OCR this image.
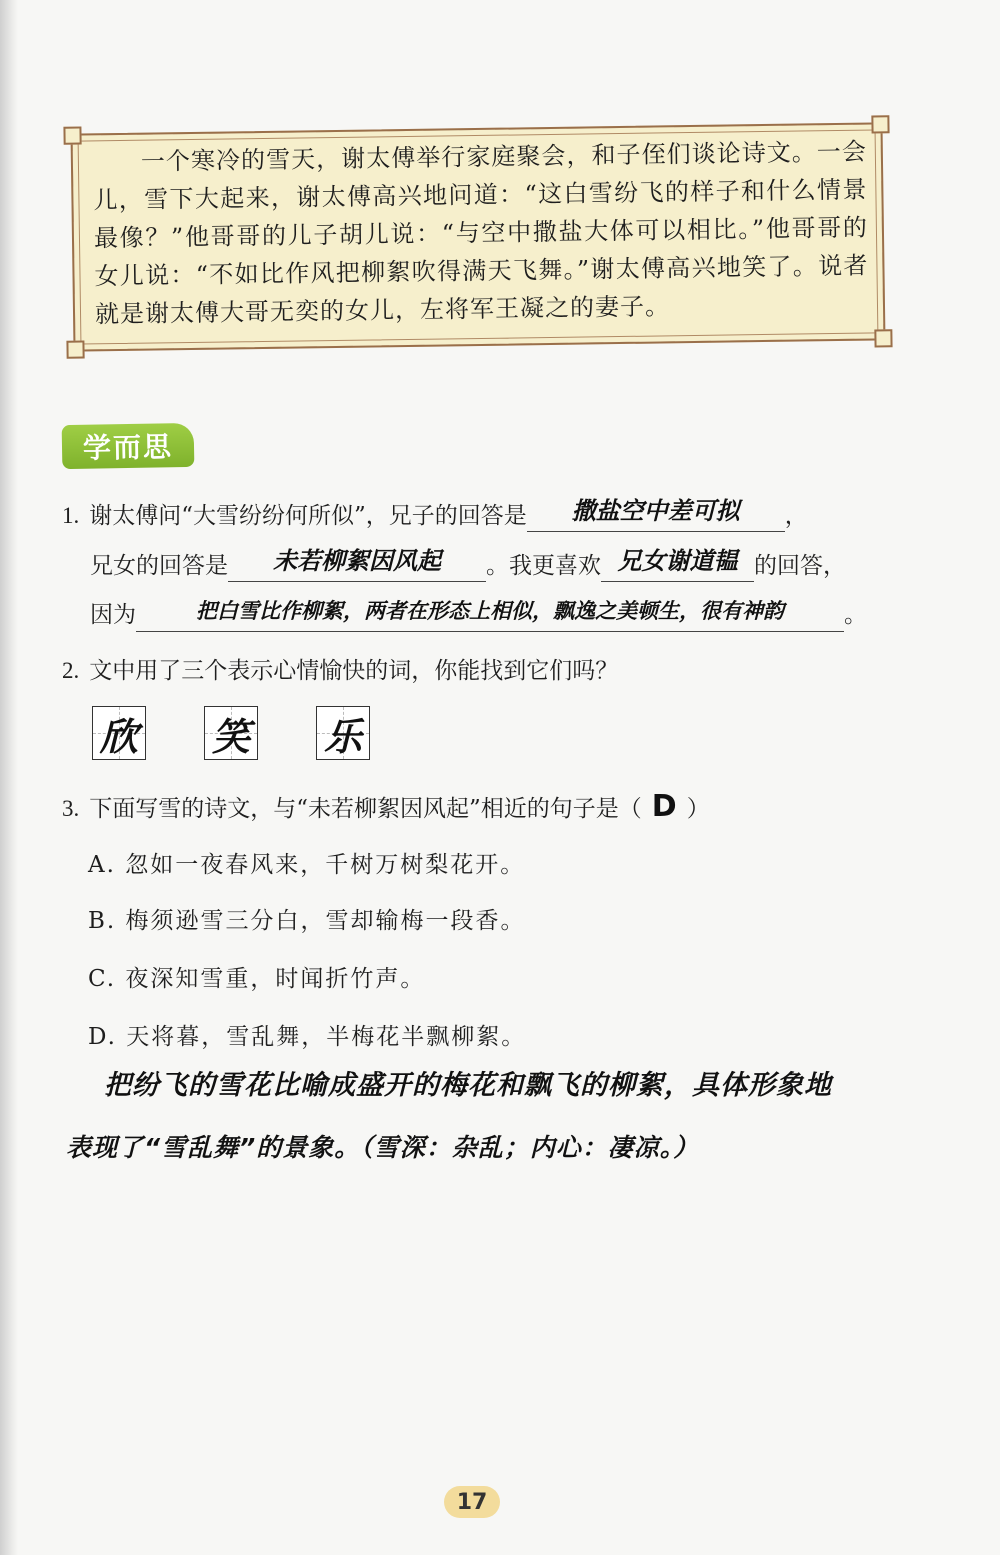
一个寒冷的雪天，谢太傅举行家庭聚会，和子侄们谈论诗文。一会儿，雪下大起来，谢太傅高兴地问道：“这白雪纷飞的样子和什么情景最像？”他哥哥的儿子胡儿说：“与空中撒盐大体可以相比。”他哥哥的女儿说：“不如比作风把柳絮吹得满天飞舞。”谢太傅高兴地笑了。说者就是谢太傅大哥无奕的女儿，左将军王凝之的妻子。
学而思
1. 谢太傅问“大雪纷纷何所似”，兄子的回答是 撒盐空中差可拟 ，
兄女的回答是 未若柳絮因风起 。我更喜欢 兄女谢道韫 的回答，
因为	把白雪比作柳絮，两者在形态上相似，飘逸之美顿生，很有神韵	。
2. 文中用了三个表示心情愉快的词，你能找到它们吗？
欣 笑 乐
3. 下面写雪的诗文，与“未若柳絮因风起”相近的句子是（ D ）
A. 忽如一夜春风来，千树万树梨花开。
B. 梅须逊雪三分白，雪却输梅一段香。
C. 夜深知雪重，时闻折竹声。
D. 天将暮，雪乱舞，半梅花半飘柳絮。
把纷飞的雪花比喻成盛开的梅花和飘飞的柳絮，具体形象地
表现了“雪乱舞”的景象。（雪深：杂乱；内心：凄凉。）
17
